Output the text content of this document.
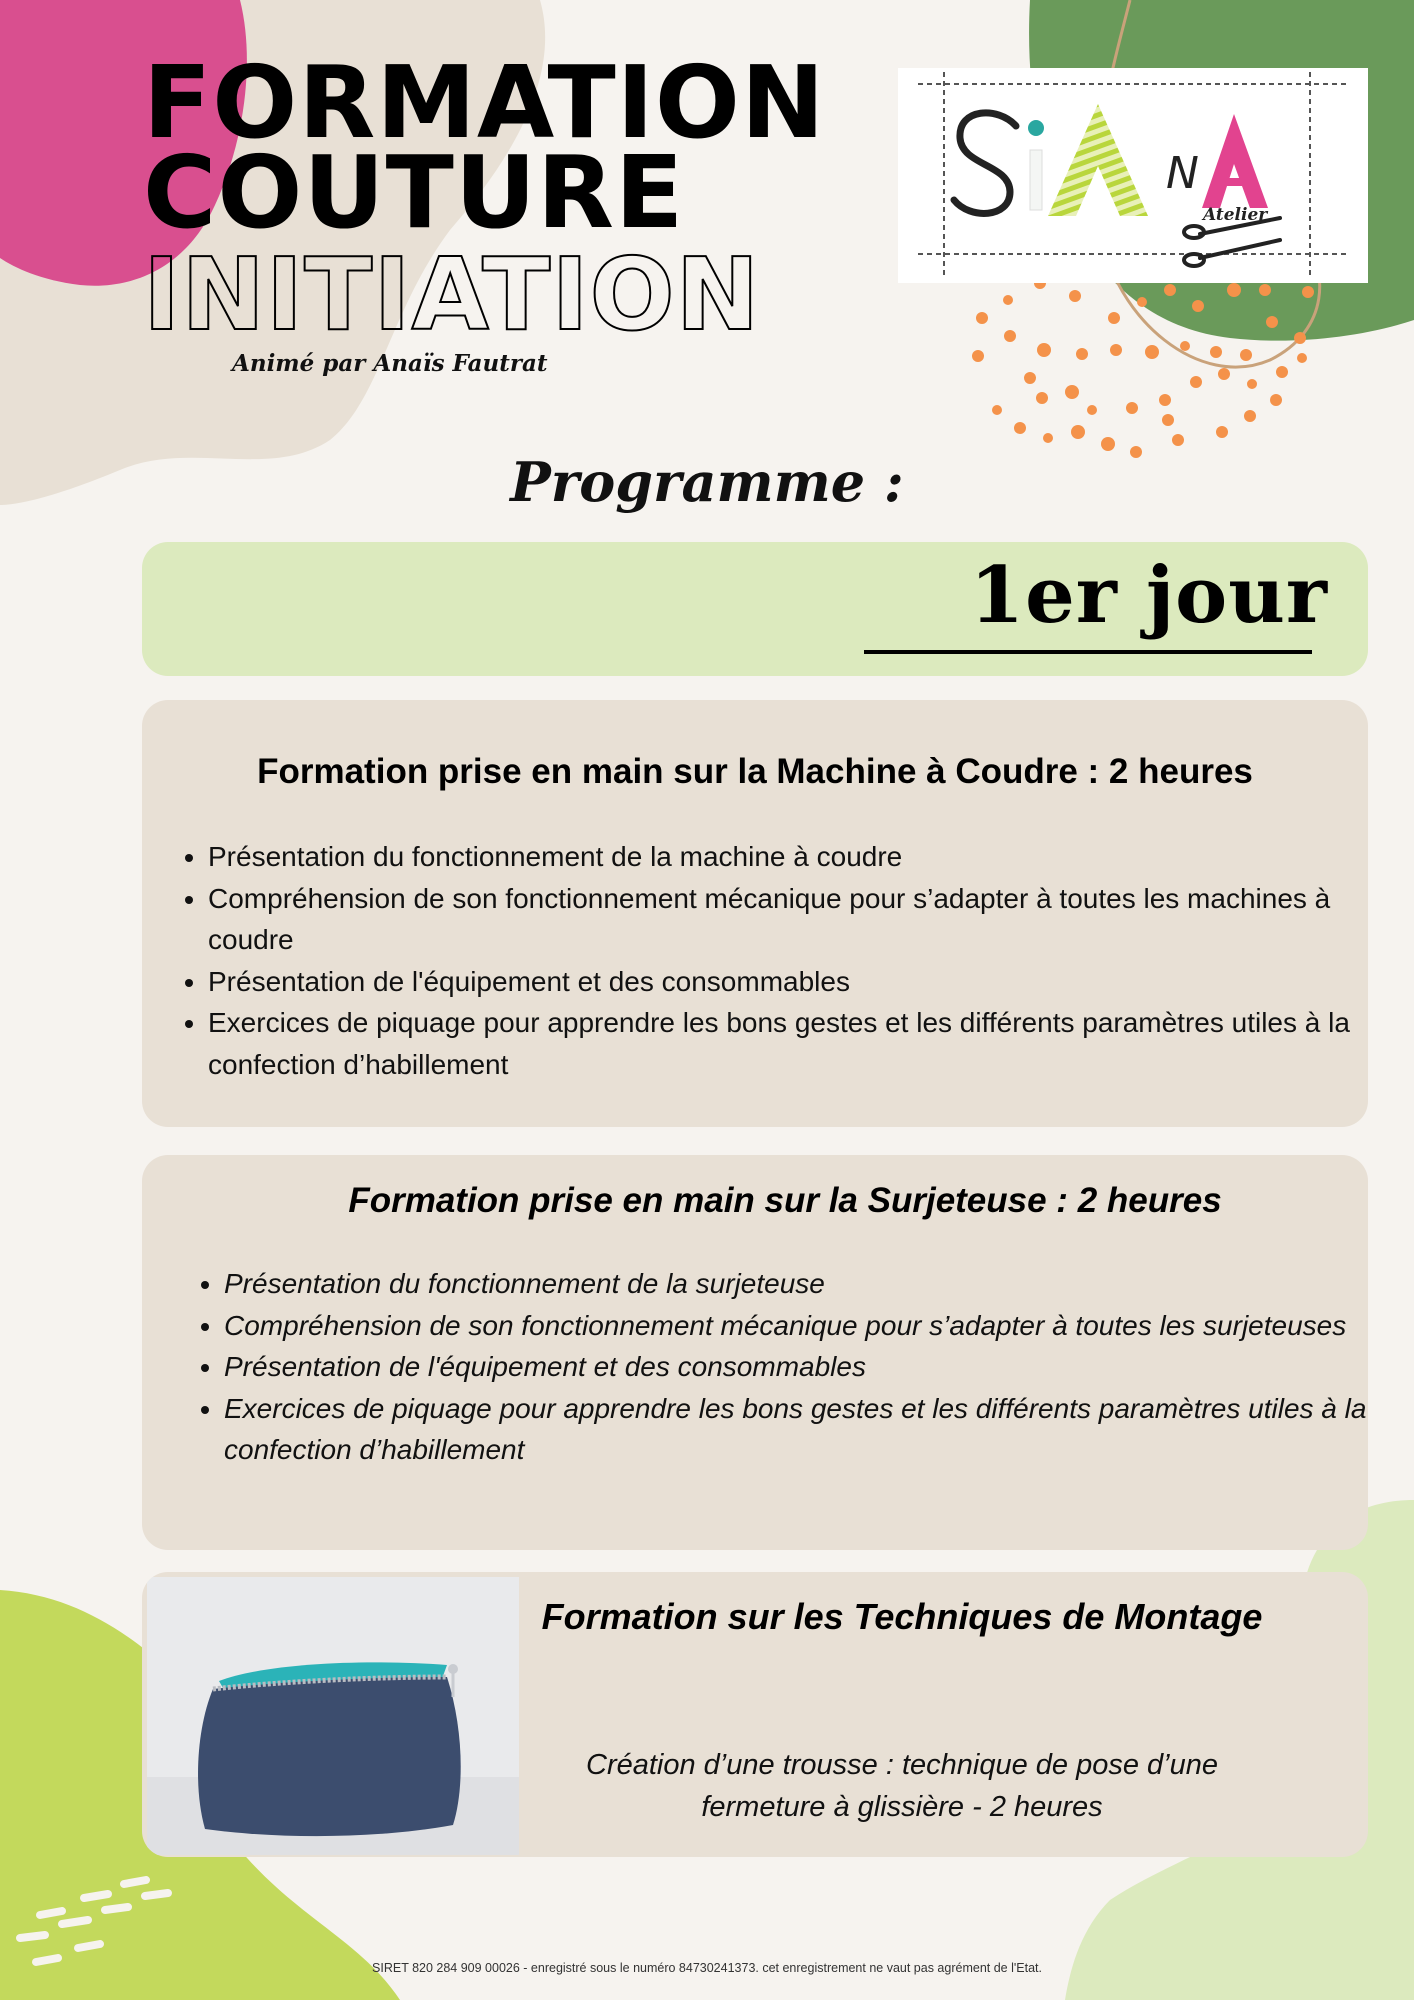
FORMATION
COUTURE
INITIATION
Animé par Anaïs Fautrat
N
Atelier
Programme :
1er jour
Formation prise en main sur la Machine à Coudre : 2 heures
• Présentation du fonctionnement de la machine à coudre
• Compréhension de son fonctionnement mécanique pour s’adapter à toutes les machines à coudre
• Présentation de l'équipement et des consommables
• Exercices de piquage pour apprendre les bons gestes et les différents paramètres utiles à la confection d’habillement
Formation prise en main sur la Surjeteuse : 2 heures
• Présentation du fonctionnement de la surjeteuse
• Compréhension de son fonctionnement mécanique pour s’adapter à toutes les surjeteuses
• Présentation de l'équipement et des consommables
• Exercices de piquage pour apprendre les bons gestes et les différents paramètres utiles à la confection d’habillement
Formation sur les Techniques de Montage

Création d’une trousse : technique de pose d’une fermeture à glissière - 2 heures

SIRET 820 284 909 00026 - enregistré sous le numéro 84730241373. cet enregistrement ne vaut pas agrément de l'Etat.
